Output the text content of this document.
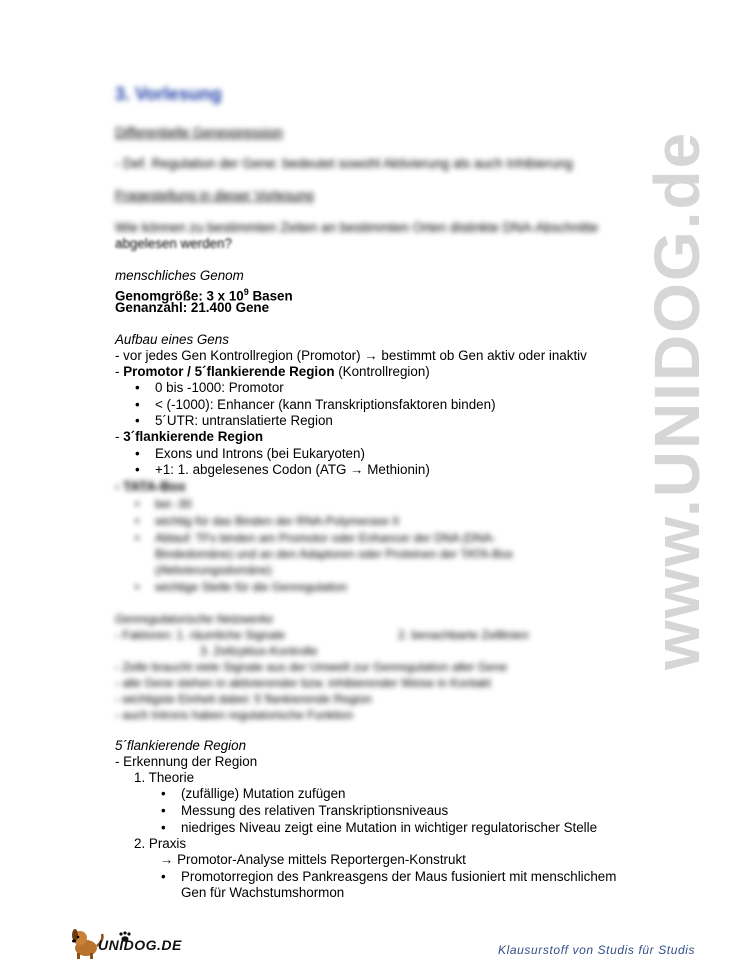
3. Vorlesung
Differentielle Genexpression
- Def. Regulation der Gene: bedeutet sowohl Aktivierung als auch Inhibierung
Fragestellung in dieser Vorlesung
Wie können zu bestimmten Zeiten an bestimmten Orten distinkte DNA-Abschnitte
abgelesen werden?
menschliches Genom
Genomgröße: 3 x $10^9$ Basen
Genanzahl: 21.400 Gene
Aufbau eines Gens
- vor jedes Gen Kontrollregion (Promotor) → bestimmt ob Gen aktiv oder inaktiv
- Promotor / 5´flankierende Region (Kontrollregion)
• 0 bis -1000: Promotor
• < (-1000): Enhancer (kann Transkriptionsfaktoren binden)
• 5´UTR: untranslatierte Region
- 3´flankierende Region
• Exons und Introns (bei Eukaryoten)
• +1: 1. abgelesenes Codon (ATG → Methionin)
- TATA-Box
• bei -30
• wichtig für das Binden der RNA-Polymerase II
• Ablauf: TFs binden am Promotor oder Enhancer der DNA (DNA-
Bindedomäne) und an den Adaptoren oder Proteinen der TATA-Box
(Aktivierungsdomäne)
• wichtige Stelle für die Genregulation
Genregulatorische Netzwerke
- Faktoren: 1. räumliche Signale	2. benachbarte Zelllinien
3. Zellzyklus-Kontrolle
- Zelle braucht viele Signale aus der Umwelt zur Genregulation aller Gene
- alle Gene stehen in aktivierender bzw. inhibierender Weise in Kontakt
- wichtigste Einheit dabei: 5´flankierende Region
- auch Introns haben regulatorische Funktion
5´flankierende Region
- Erkennung der Region
1. Theorie
• (zufällige) Mutation zufügen
• Messung des relativen Transkriptionsniveaus
• niedriges Niveau zeigt eine Mutation in wichtiger regulatorischer Stelle
2. Praxis
→ Promotor-Analyse mittels Reportergen-Konstrukt
• Promotorregion des Pankreasgens der Maus fusioniert mit menschlichem
Gen für Wachstumshormon
www.UNIDOG.de
UNIDOG.DE	Klausurstoff von Studis für Studis
